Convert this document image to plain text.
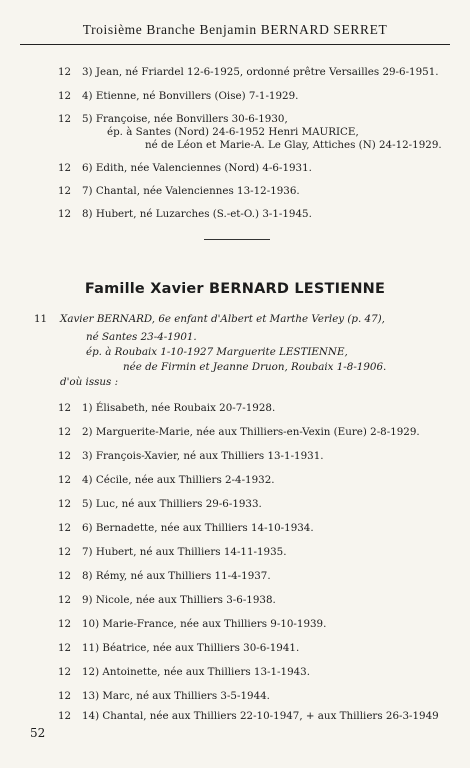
Troisième Branche Benjamin BERNARD SERRET
12 3) Jean, né Friardel 12-6-1925, ordonné prêtre Versailles 29-6-1951.
12 4) Etienne, né Bonvillers (Oise) 7-1-1929.
12 5) Françoise, née Bonvillers 30-6-1930,
ép. à Santes (Nord) 24-6-1952 Henri MAURICE,
né de Léon et Marie-A. Le Glay, Attiches (N) 24-12-1929.
12 6) Edith, née Valenciennes (Nord) 4-6-1931.
12 7) Chantal, née Valenciennes 13-12-1936.
12 8) Hubert, né Luzarches (S.-et-O.) 3-1-1945.
Famille Xavier BERNARD LESTIENNE
11 Xavier BERNARD, 6e enfant d'Albert et Marthe Verley (p. 47),
né Santes 23-4-1901.
ép. à Roubaix 1-10-1927 Marguerite LESTIENNE,
née de Firmin et Jeanne Druon, Roubaix 1-8-1906.
d'où issus :
12 1) Élisabeth, née Roubaix 20-7-1928.
12 2) Marguerite-Marie, née aux Thilliers-en-Vexin (Eure) 2-8-1929.
12 3) François-Xavier, né aux Thilliers 13-1-1931.
12 4) Cécile, née aux Thilliers 2-4-1932.
12 5) Luc, né aux Thilliers 29-6-1933.
12 6) Bernadette, née aux Thilliers 14-10-1934.
12 7) Hubert, né aux Thilliers 14-11-1935.
12 8) Rémy, né aux Thilliers 11-4-1937.
12 9) Nicole, née aux Thilliers 3-6-1938.
12 10) Marie-France, née aux Thilliers 9-10-1939.
12 11) Béatrice, née aux Thilliers 30-6-1941.
12 12) Antoinette, née aux Thilliers 13-1-1943.
12 13) Marc, né aux Thilliers 3-5-1944.
12 14) Chantal, née aux Thilliers 22-10-1947, + aux Thilliers 26-3-1949
52
